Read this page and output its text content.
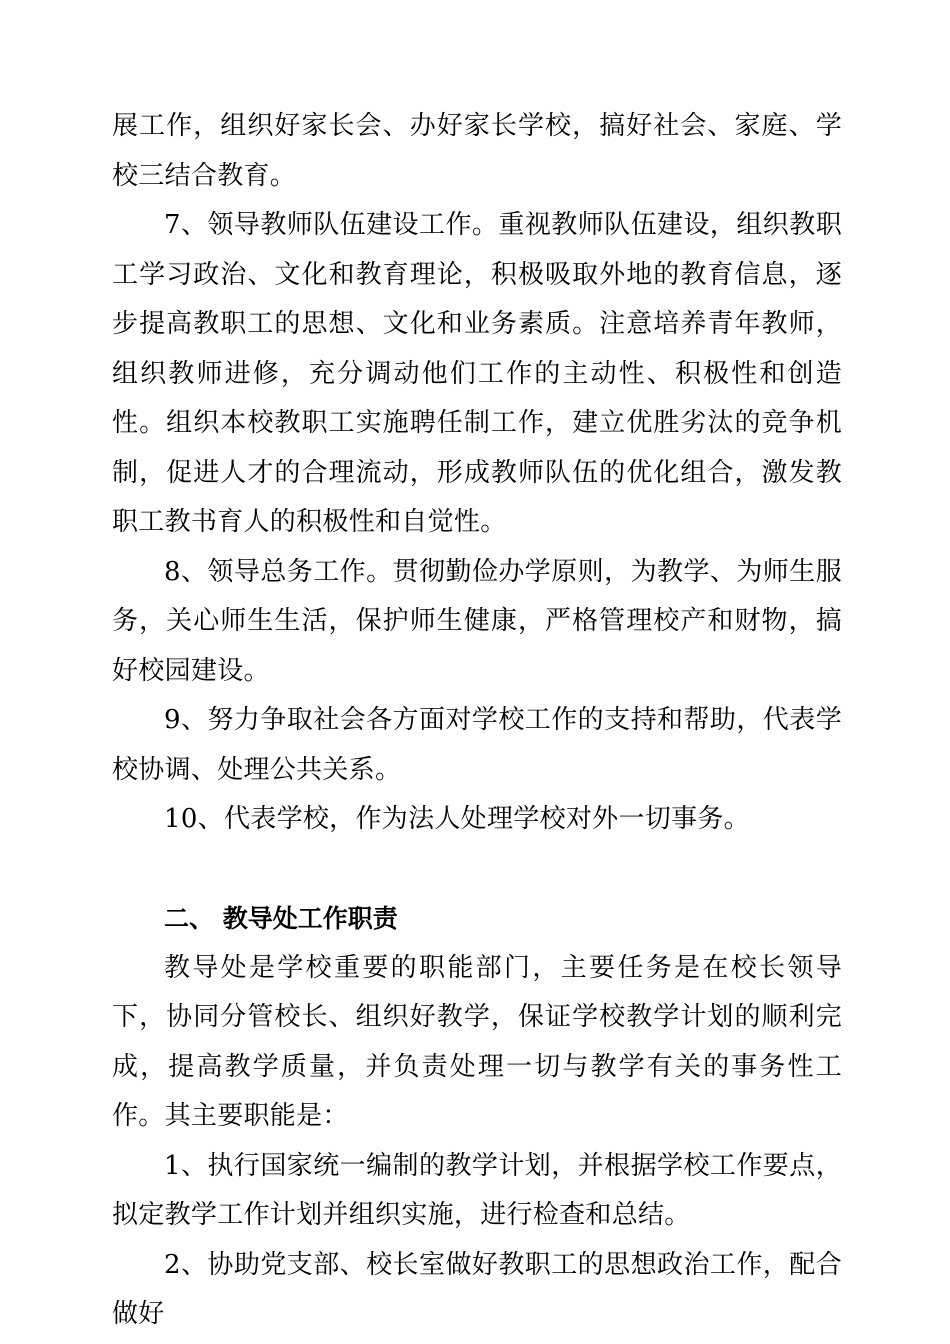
展工作，组织好家长会、办好家长学校，搞好社会、家庭、学校三结合教育。

7、领导教师队伍建设工作。重视教师队伍建设，组织教职工学习政治、文化和教育理论，积极吸取外地的教育信息，逐步提高教职工的思想、文化和业务素质。注意培养青年教师，组织教师进修，充分调动他们工作的主动性、积极性和创造性。组织本校教职工实施聘任制工作，建立优胜劣汰的竞争机制，促进人才的合理流动，形成教师队伍的优化组合，激发教职工教书育人的积极性和自觉性。

8、领导总务工作。贯彻勤俭办学原则，为教学、为师生服务，关心师生生活，保护师生健康，严格管理校产和财物，搞好校园建设。

9、努力争取社会各方面对学校工作的支持和帮助，代表学校协调、处理公共关系。

10、代表学校，作为法人处理学校对外一切事务。

二、 教导处工作职责

教导处是学校重要的职能部门，主要任务是在校长领导下，协同分管校长、组织好教学，保证学校教学计划的顺利完成，提高教学质量，并负责处理一切与教学有关的事务性工作。其主要职能是：

1、执行国家统一编制的教学计划，并根据学校工作要点，拟定教学工作计划并组织实施，进行检查和总结。

2、协助党支部、校长室做好教职工的思想政治工作，配合做好
